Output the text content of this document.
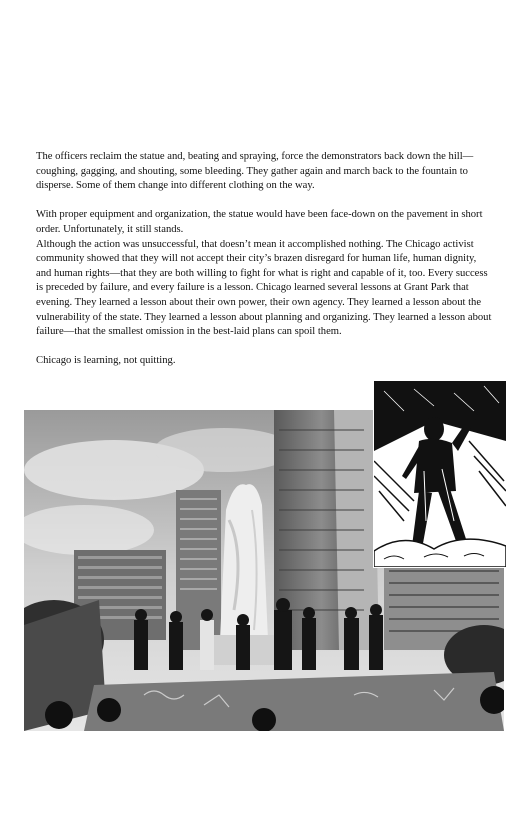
The officers reclaim the statue and, beating and spraying, force the demonstrators back down the hill—coughing, gagging, and shouting, some bleeding. They gather again and march back to the fountain to disperse. Some of them change into different clothing on the way.

With proper equipment and organization, the statue would have been face-down on the pavement in short order. Unfortunately, it still stands.

Although the action was unsuccessful, that doesn’t mean it accomplished nothing. The Chicago activist community showed that they will not accept their city’s brazen disregard for human life, human dignity, and human rights—that they are both willing to fight for what is right and capable of it, too. Every success is preceded by failure, and every failure is a lesson. Chicago learned several lessons at Grant Park that evening. They learned a lesson about their own power, their own agency. They learned a lesson about the vulnerability of the state. They learned a lesson about planning and organizing. They learned a lesson about failure—that the smallest omission in the best-laid plans can spoil them.

Chicago is learning, not quitting.
